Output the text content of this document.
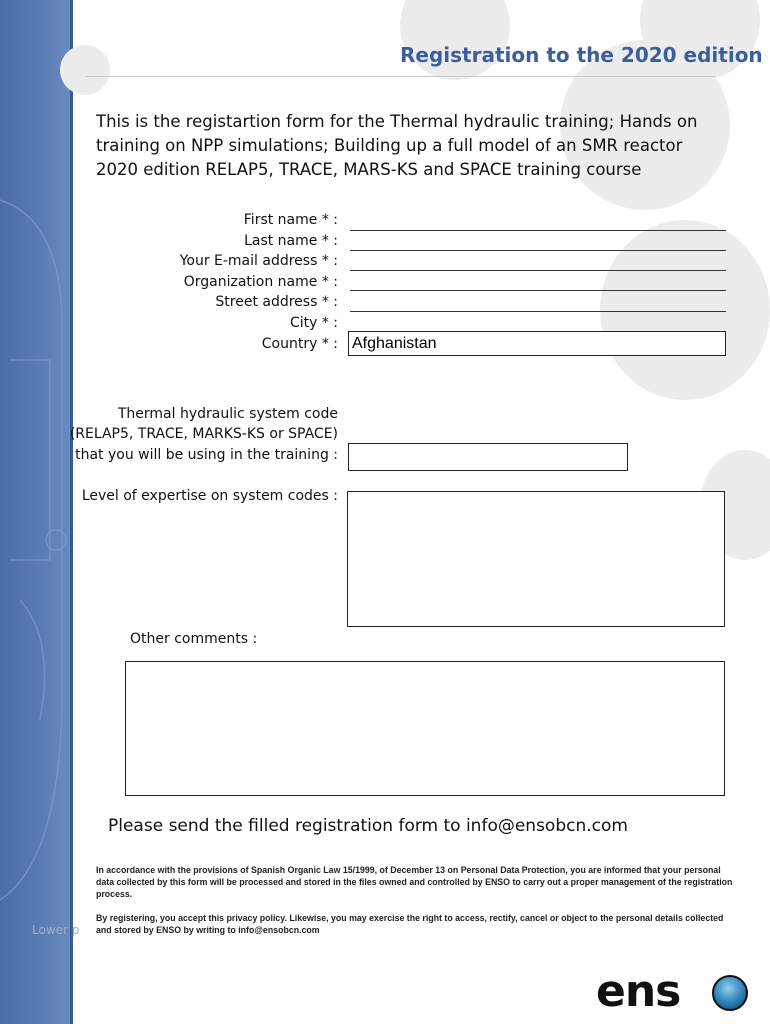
Lower p
Registration to the 2020 edition
This is the registartion form for the Thermal hydraulic training; Hands on training on NPP simulations; Building up a full model of an SMR reactor 2020 edition RELAP5, TRACE, MARS-KS and SPACE training course
First name * :
Last name * :
Your E-mail address * :
Organization name * :
Street address * :
City * :
Country * : Afghanistan
Thermal hydraulic system code
(RELAP5, TRACE, MARKS-KS or SPACE)
that you will be using in the training :
Level of expertise on system codes :
Other comments :
Please send the filled registration form to info@ensobcn.com
In accordance with the provisions of Spanish Organic Law 15/1999, of December 13 on Personal Data Protection, you are informed that your personal data collected by this form will be processed and stored in the files owned and controlled by ENSO to carry out a proper management of the registration process.
By registering, you accept this privacy policy. Likewise, you may exercise the right to access, rectify, cancel or object to the personal details collected and stored by ENSO by writing to info@ensobcn.com
ens
